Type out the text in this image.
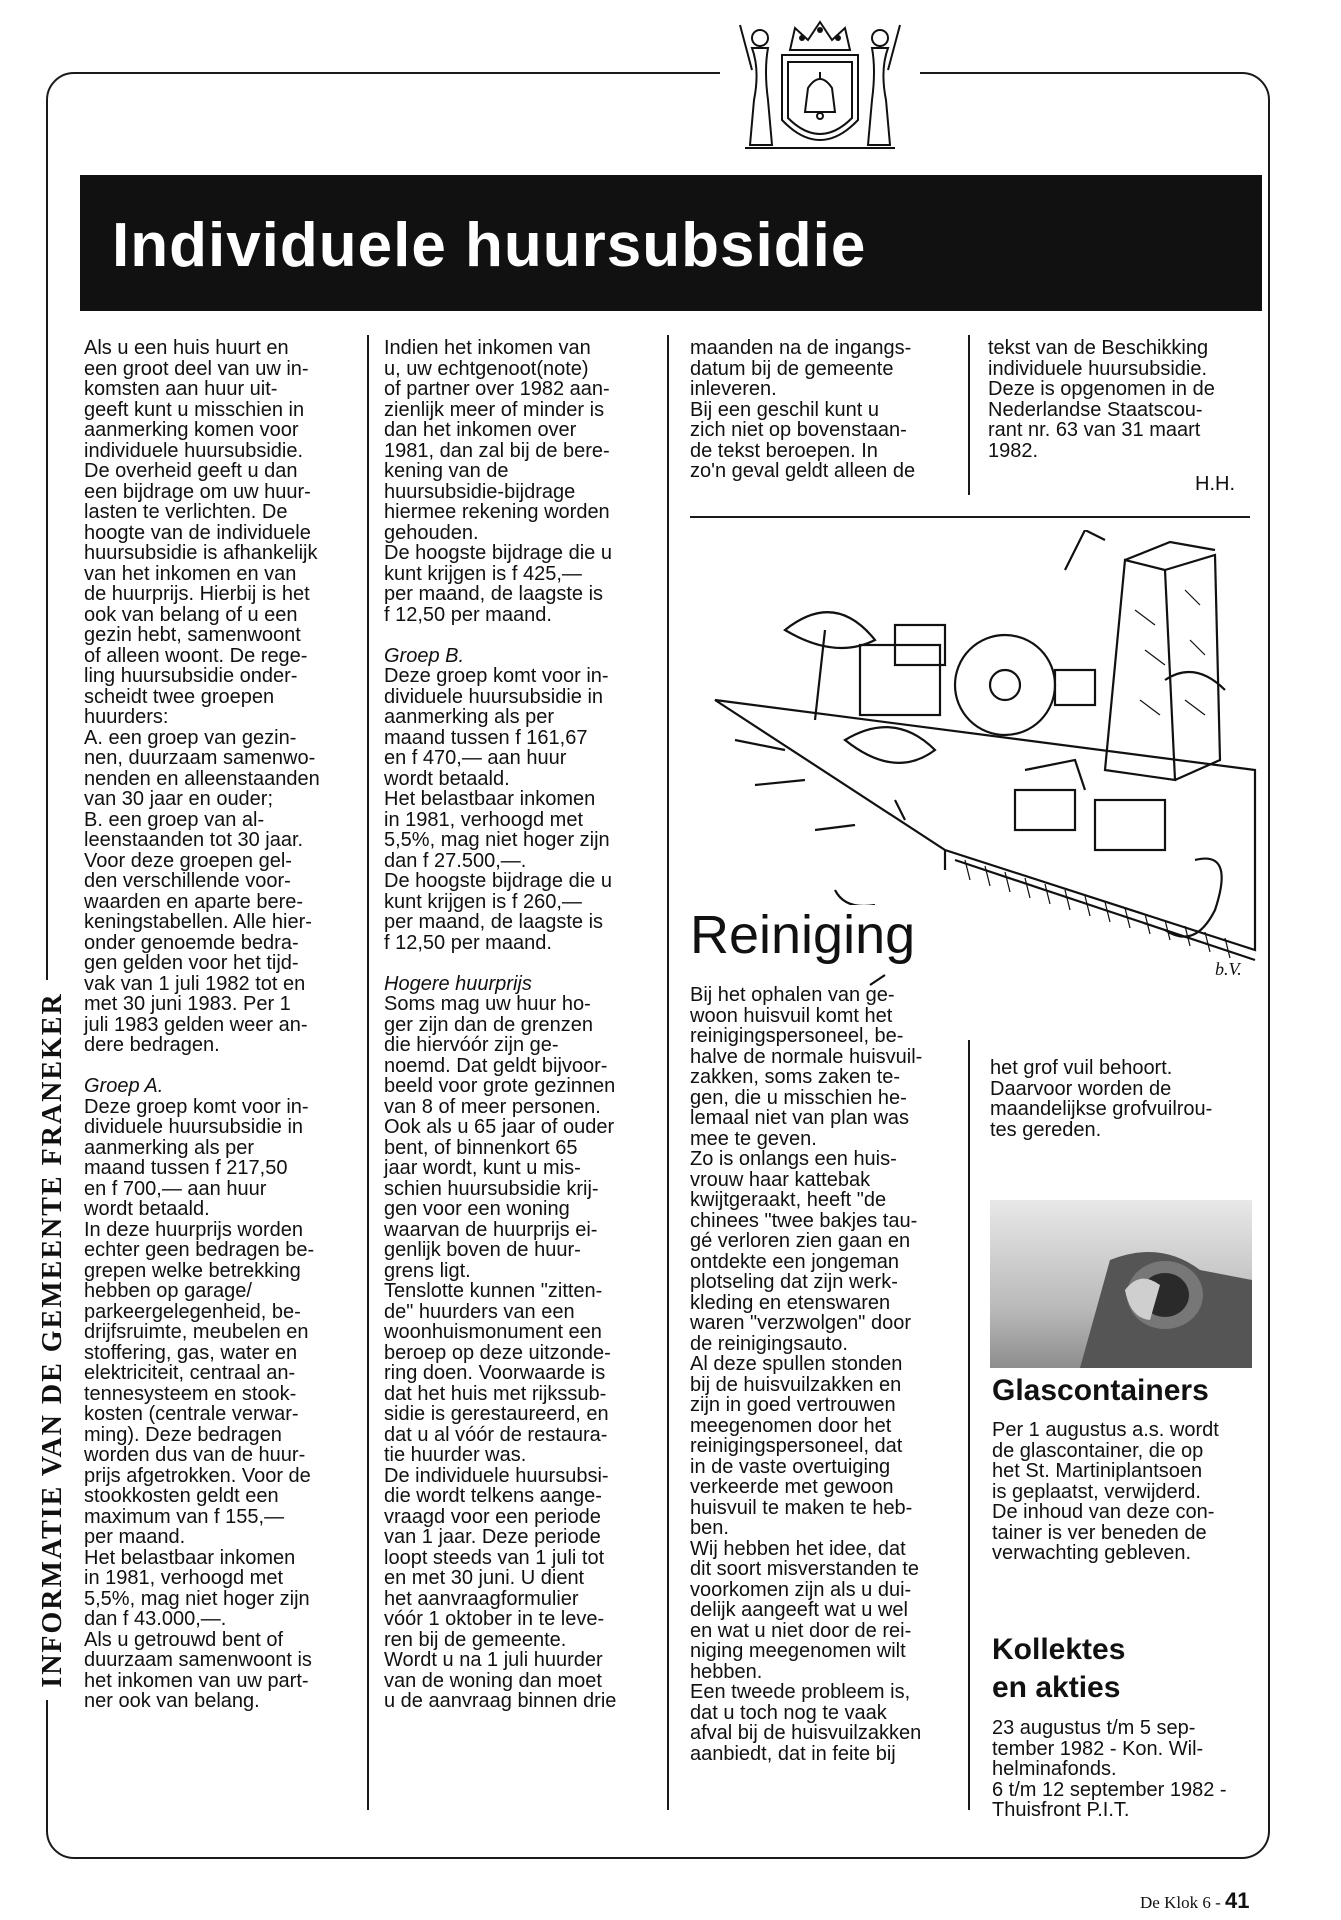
Individuele huursubsidie
INFORMATIE VAN DE GEMEENTE FRANEKER
Als u een huis huurt en
een groot deel van uw in-
komsten aan huur uit-
geeft kunt u misschien in
aanmerking komen voor
individuele huursubsidie.
De overheid geeft u dan
een bijdrage om uw huur-
lasten te verlichten. De
hoogte van de individuele
huursubsidie is afhankelijk
van het inkomen en van
de huurprijs. Hierbij is het
ook van belang of u een
gezin hebt, samenwoont
of alleen woont. De rege-
ling huursubsidie onder-
scheidt twee groepen
huurders:
A. een groep van gezin-
nen, duurzaam samenwo-
nenden en alleenstaanden
van 30 jaar en ouder;
B. een groep van al-
leenstaanden tot 30 jaar.
Voor deze groepen gel-
den verschillende voor-
waarden en aparte bere-
keningstabellen. Alle hier-
onder genoemde bedra-
gen gelden voor het tijd-
vak van 1 juli 1982 tot en
met 30 juni 1983. Per 1
juli 1983 gelden weer an-
dere bedragen.
Groep A.
Deze groep komt voor in-
dividuele huursubsidie in
aanmerking als per
maand tussen f 217,50
en f 700,— aan huur
wordt betaald.
In deze huurprijs worden
echter geen bedragen be-
grepen welke betrekking
hebben op garage/
parkeergelegenheid, be-
drijfsruimte, meubelen en
stoffering, gas, water en
elektriciteit, centraal an-
tennesysteem en stook-
kosten (centrale verwar-
ming). Deze bedragen
worden dus van de huur-
prijs afgetrokken. Voor de
stookkosten geldt een
maximum van f 155,—
per maand.
Het belastbaar inkomen
in 1981, verhoogd met
5,5%, mag niet hoger zijn
dan f 43.000,—.
Als u getrouwd bent of
duurzaam samenwoont is
het inkomen van uw part-
ner ook van belang.
Indien het inkomen van
u, uw echtgenoot(note)
of partner over 1982 aan-
zienlijk meer of minder is
dan het inkomen over
1981, dan zal bij de bere-
kening van de
huursubsidie-bijdrage
hiermee rekening worden
gehouden.
De hoogste bijdrage die u
kunt krijgen is f 425,—
per maand, de laagste is
f 12,50 per maand.
Groep B.
Deze groep komt voor in-
dividuele huursubsidie in
aanmerking als per
maand tussen f 161,67
en f 470,— aan huur
wordt betaald.
Het belastbaar inkomen
in 1981, verhoogd met
5,5%, mag niet hoger zijn
dan f 27.500,—.
De hoogste bijdrage die u
kunt krijgen is f 260,—
per maand, de laagste is
f 12,50 per maand.
Hogere huurprijs
Soms mag uw huur ho-
ger zijn dan de grenzen
die hiervóór zijn ge-
noemd. Dat geldt bijvoor-
beeld voor grote gezinnen
van 8 of meer personen.
Ook als u 65 jaar of ouder
bent, of binnenkort 65
jaar wordt, kunt u mis-
schien huursubsidie krij-
gen voor een woning
waarvan de huurprijs ei-
genlijk boven de huur-
grens ligt.
Tenslotte kunnen "zitten-
de" huurders van een
woonhuismonument een
beroep op deze uitzonde-
ring doen. Voorwaarde is
dat het huis met rijkssub-
sidie is gerestaureerd, en
dat u al vóór de restaura-
tie huurder was.
De individuele huursubsi-
die wordt telkens aange-
vraagd voor een periode
van 1 jaar. Deze periode
loopt steeds van 1 juli tot
en met 30 juni. U dient
het aanvraagformulier
vóór 1 oktober in te leve-
ren bij de gemeente.
Wordt u na 1 juli huurder
van de woning dan moet
u de aanvraag binnen drie
maanden na de ingangs-
datum bij de gemeente
inleveren.
Bij een geschil kunt u
zich niet op bovenstaan-
de tekst beroepen. In
zo'n geval geldt alleen de
tekst van de Beschikking
individuele huursubsidie.
Deze is opgenomen in de
Nederlandse Staatscou-
rant nr. 63 van 31 maart
1982.
H.H.
b.V.
Reiniging
Bij het ophalen van ge-
woon huisvuil komt het
reinigingspersoneel, be-
halve de normale huisvuil-
zakken, soms zaken te-
gen, die u misschien he-
lemaal niet van plan was
mee te geven.
Zo is onlangs een huis-
vrouw haar kattebak
kwijtgeraakt, heeft "de
chinees "twee bakjes tau-
gé verloren zien gaan en
ontdekte een jongeman
plotseling dat zijn werk-
kleding en etenswaren
waren "verzwolgen" door
de reinigingsauto.
Al deze spullen stonden
bij de huisvuilzakken en
zijn in goed vertrouwen
meegenomen door het
reinigingspersoneel, dat
in de vaste overtuiging
verkeerde met gewoon
huisvuil te maken te heb-
ben.
Wij hebben het idee, dat
dit soort misverstanden te
voorkomen zijn als u dui-
delijk aangeeft wat u wel
en wat u niet door de rei-
niging meegenomen wilt
hebben.
Een tweede probleem is,
dat u toch nog te vaak
afval bij de huisvuilzakken
aanbiedt, dat in feite bij
het grof vuil behoort.
Daarvoor worden de
maandelijkse grofvuilrou-
tes gereden.
Glascontainers
Per 1 augustus a.s. wordt
de glascontainer, die op
het St. Martiniplantsoen
is geplaatst, verwijderd.
De inhoud van deze con-
tainer is ver beneden de
verwachting gebleven.
Kollektes
en akties
23 augustus t/m 5 sep-
tember 1982 - Kon. Wil-
helminafonds.
6 t/m 12 september 1982 -
Thuisfront P.I.T.
De Klok 6 - 41
